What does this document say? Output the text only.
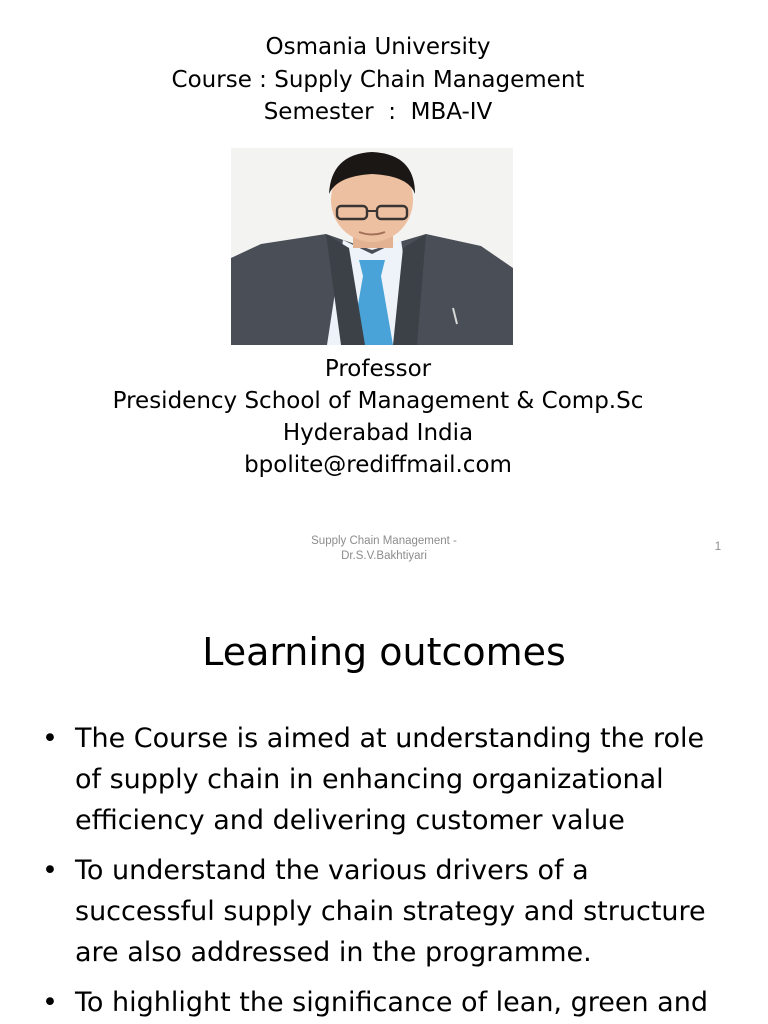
Osmania University
Course : Supply Chain Management
Semester  :  MBA-IV
Professor
Presidency School of Management & Comp.Sc
Hyderabad India
bpolite@rediffmail.com
Supply Chain Management -
Dr.S.V.Bakhtiyari
1
Learning outcomes
• The Course is aimed at understanding the role of supply chain in enhancing organizational efficiency and delivering customer value
• To understand the various drivers of a successful supply chain strategy and structure are also addressed in the programme.
• To highlight the significance of lean, green and
